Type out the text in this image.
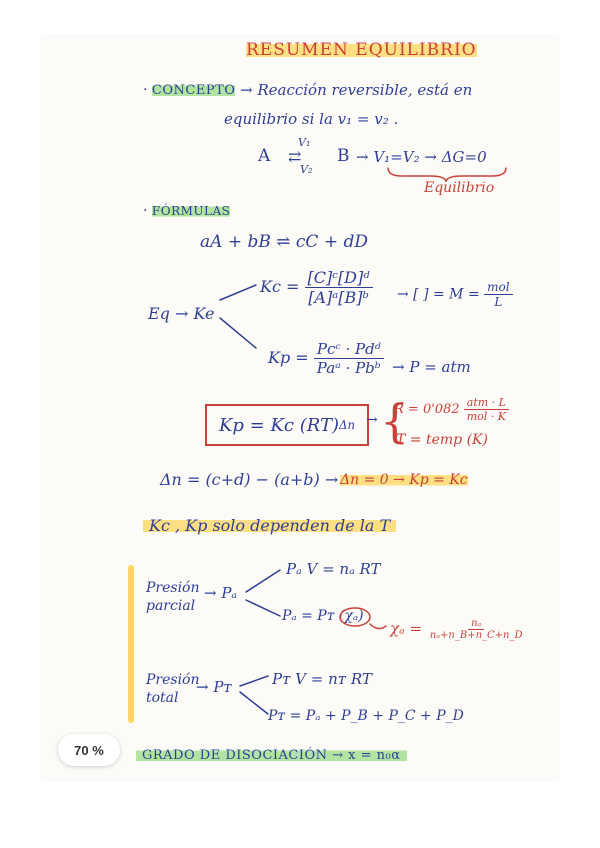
RESUMEN EQUILIBRIO
· CONCEPTO → Reacción reversible, está en
equilibrio si la v₁ = v₂ .
A
V₁
⇄
V₂
B → V₁=V₂ → ΔG=0
Equilibrio
· FÓRMULAS
aA + bB ⇌ cC + dD
Eq → Ke
$Kc = \frac{\text{[C]ᶜ[D]ᵈ}}{\text{[A]ᵃ[B]ᵇ}}$ → [ ] = $M = \frac{\text{mol}}{L}$
$Kp = \frac{\text{Pcᶜ · Pdᵈ}}{\text{Paᵃ · Pbᵇ}} \to P$ = atm
Kp = Kc (RT) Δn → {
$R = 0'082 \frac{\text{atm · L}}{\text{mol · K}}$
T = temp (K)
Δn = (c+d) − (a+b) → Δn = 0 → Kp = Kc
Kc , Kp solo dependen de la T
Presión
parcial
→ Pₐ
Pₐ V = nₐ RT
Pₐ = Pᴛ (χₐ)
$\chi_a = \frac{\text{nₐ}}{\text{nₐ+n\_B+n\_C+n\_D}}$
Presión
total
→ Pᴛ	Pᴛ V = nᴛ RT
Pᴛ = Pₐ + P_B + P_C + P_D
GRADO DE DISOCIACIÓN → x = n₀α
70 %
